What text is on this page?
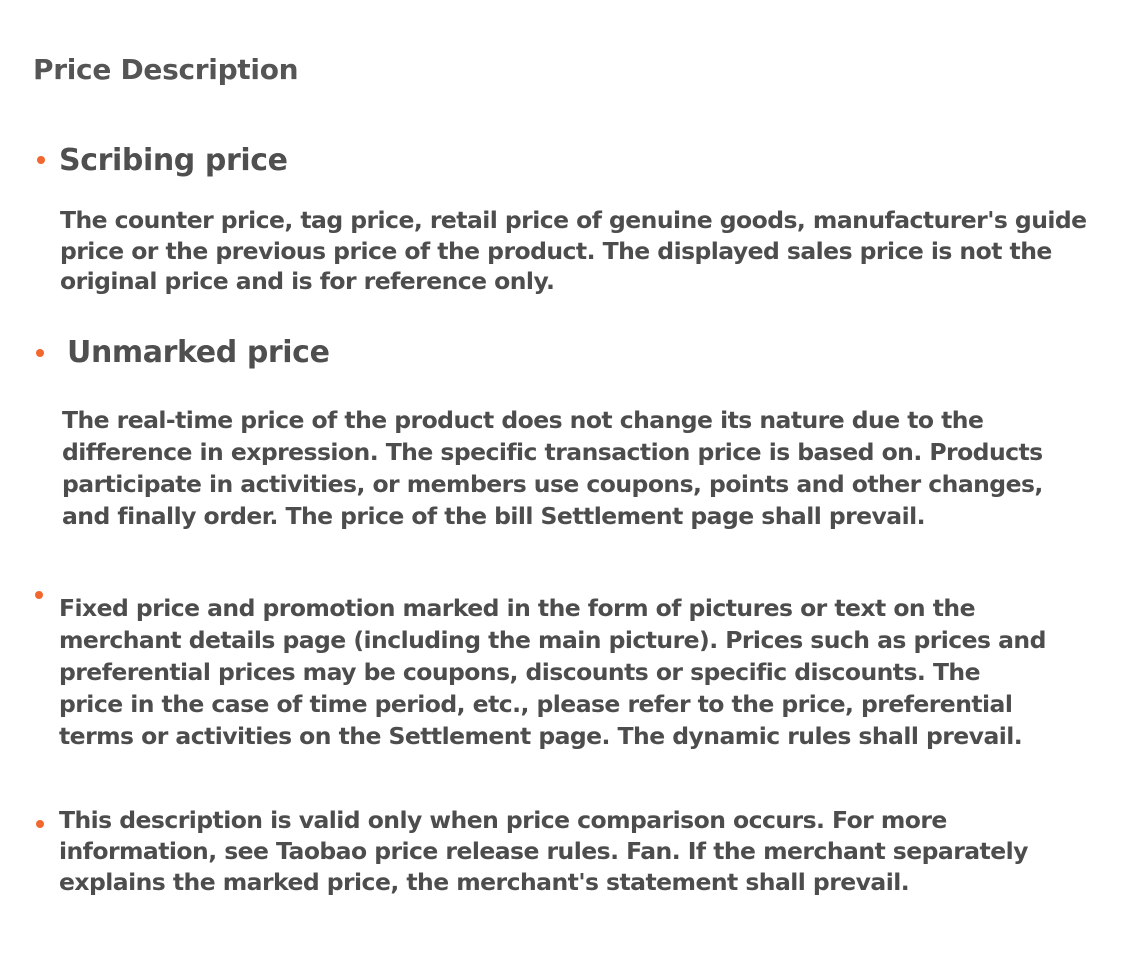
Price Description
Scribing price

The counter price, tag price, retail price of genuine goods, manufacturer's guide
price or the previous price of the product. The displayed sales price is not the
original price and is for reference only.

Unmarked price

The real-time price of the product does not change its nature due to the
difference in expression. The specific transaction price is based on. Products
participate in activities, or members use coupons, points and other changes,
and finally order. The price of the bill Settlement page shall prevail.

Fixed price and promotion marked in the form of pictures or text on the
merchant details page (including the main picture). Prices such as prices and
preferential prices may be coupons, discounts or specific discounts. The
price in the case of time period, etc., please refer to the price, preferential
terms or activities on the Settlement page. The dynamic rules shall prevail.

This description is valid only when price comparison occurs. For more
information, see Taobao price release rules. Fan. If the merchant separately
explains the marked price, the merchant's statement shall prevail.
